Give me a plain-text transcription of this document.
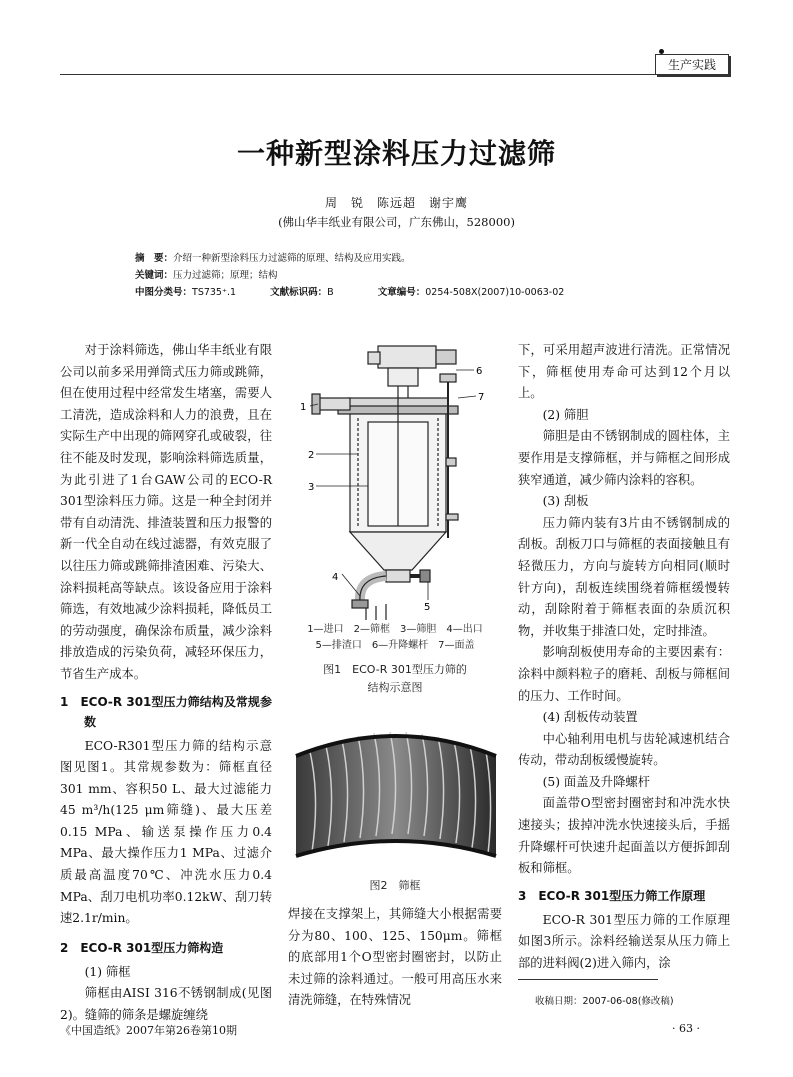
生产实践
一种新型涂料压力过滤筛
周　锐　陈远超　谢宇鹰
(佛山华丰纸业有限公司，广东佛山，528000)
摘　要：介绍一种新型涂料压力过滤筛的原理、结构及应用实践。
关键词：压力过滤筛；原理；结构
中图分类号：TS735⁺.1	文献标识码：B	文章编号：0254-508X(2007)10-0063-02

对于涂料筛选，佛山华丰纸业有限公司以前多采用弹筒式压力筛或跳筛，但在使用过程中经常发生堵塞，需要人工清洗，造成涂料和人力的浪费，且在实际生产中出现的筛网穿孔或破裂，往往不能及时发现，影响涂料筛选质量，为此引进了1台GAW公司的ECO-R 301型涂料压力筛。这是一种全封闭并带有自动清洗、排渣装置和压力报警的新一代全自动在线过滤器，有效克服了以往压力筛或跳筛排渣困难、污染大、涂料损耗高等缺点。该设备应用于涂料筛选，有效地减少涂料损耗，降低员工的劳动强度，确保涂布质量，减少涂料排放造成的污染负荷，减轻环保压力，节省生产成本。

1　ECO-R 301型压力筛结构及常规参数

ECO-R301型压力筛的结构示意图见图1。其常规参数为：筛框直径301 mm、容积50 L、最大过滤能力45 m³/h(125 μm筛缝)、最大压差0.15 MPa、输送泵操作压力0.4 MPa、最大操作压力1 MPa、过滤介质最高温度70℃、冲洗水压力0.4 MPa、刮刀电机功率0.12kW、刮刀转速2.1r/min。

2　ECO-R 301型压力筛构造

(1) 筛框

筛框由AISI 316不锈钢制成(见图2)。缝筛的筛条是螺旋缠绕

1
2
3
4
5
6
7
1—进口　2—筛框　3—筛胆　4—出口
5—排渣口　6—升降螺杆　7—面盖
图1　ECO-R 301型压力筛的
结构示意图
图2　筛框

焊接在支撑架上，其筛缝大小根据需要分为80、100、125、150μm。筛框的底部用1个O型密封圈密封，以防止未过筛的涂料通过。一般可用高压水来清洗筛缝，在特殊情况

下，可采用超声波进行清洗。正常情况下，筛框使用寿命可达到12个月以上。

(2) 筛胆

筛胆是由不锈钢制成的圆柱体，主要作用是支撑筛框，并与筛框之间形成狭窄通道，减少筛内涂料的容积。

(3) 刮板

压力筛内装有3片由不锈钢制成的刮板。刮板刀口与筛框的表面接触且有轻微压力，方向与旋转方向相同(顺时针方向)，刮板连续围绕着筛框缓慢转动，刮除附着于筛框表面的杂质沉积物，并收集于排渣口处，定时排渣。

影响刮板使用寿命的主要因素有：涂料中颜料粒子的磨耗、刮板与筛框间的压力、工作时间。

(4) 刮板传动装置

中心轴利用电机与齿轮减速机结合传动，带动刮板缓慢旋转。

(5) 面盖及升降螺杆

面盖带O型密封圈密封和冲洗水快速接头；拔掉冲洗水快速接头后，手摇升降螺杆可快速升起面盖以方便拆卸刮板和筛框。

3　ECO-R 301型压力筛工作原理

ECO-R 301型压力筛的工作原理如图3所示。涂料经输送泵从压力筛上部的进料阀(2)进入筛内，涂

收稿日期：2007-06-08(修改稿)
《中国造纸》2007年第26卷第10期	· 63 ·
